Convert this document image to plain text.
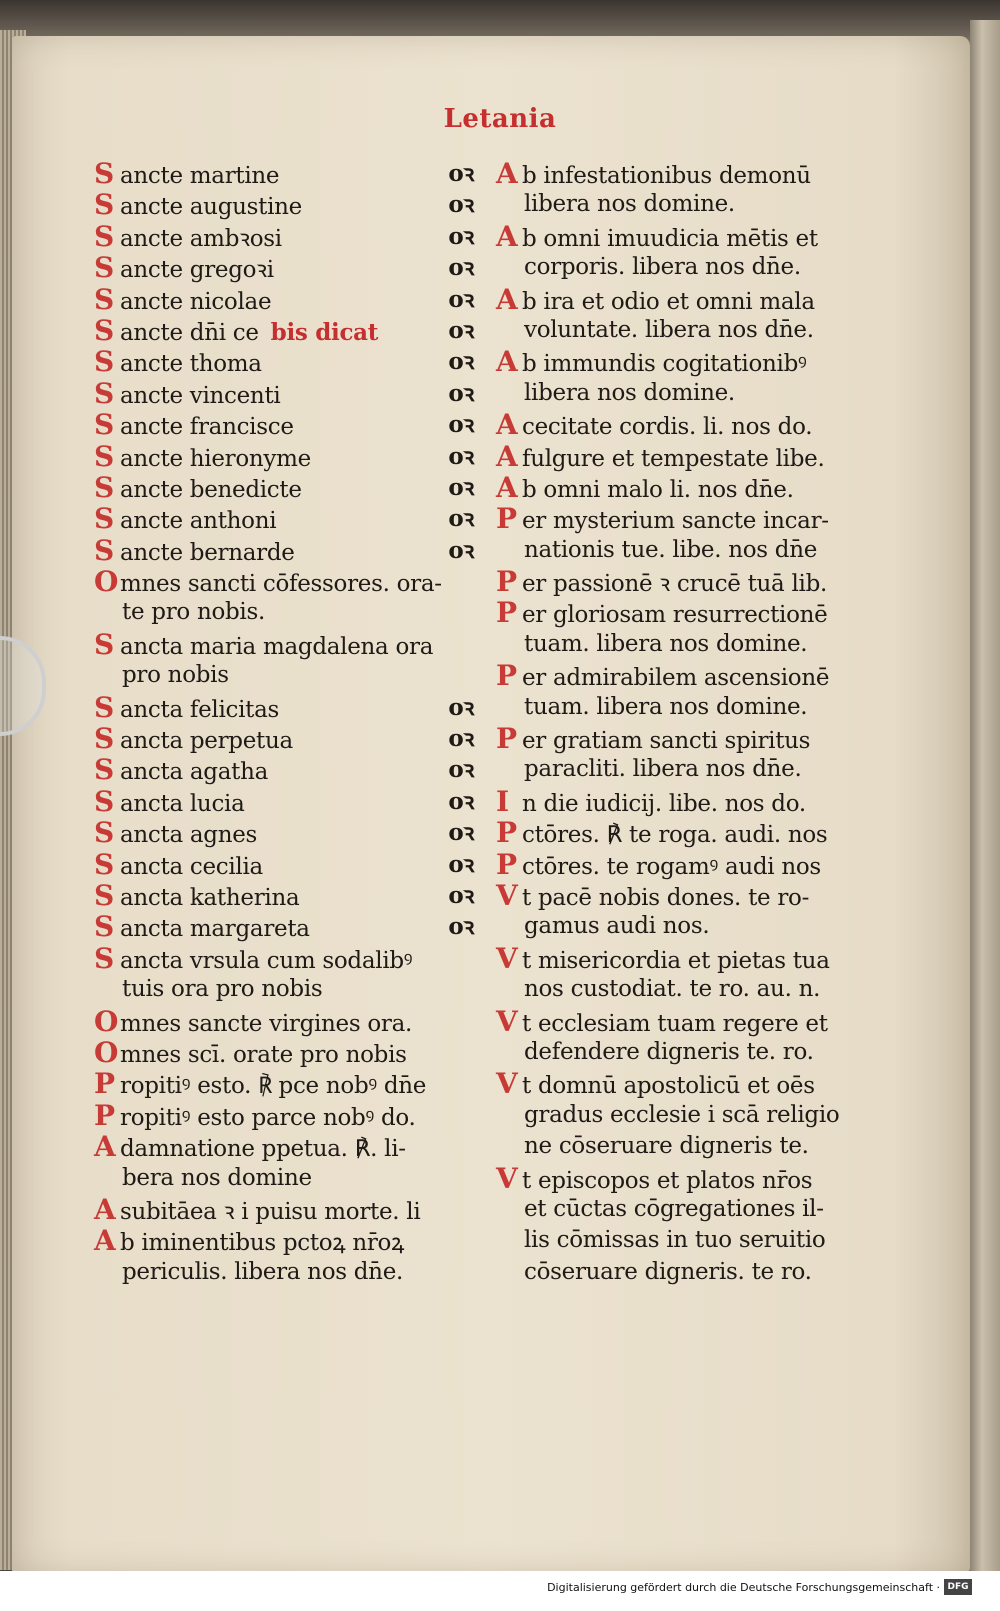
Letania
S ancte martine	oꝛ
S ancte augustine	oꝛ
S ancte ambꝛosi	oꝛ
S ancte gregoꝛi	oꝛ
S ancte nicolae	oꝛ
S ancte dn̄i ce bis dicat	oꝛ
S ancte thoma	oꝛ
S ancte vincenti	oꝛ
S ancte francisce	oꝛ
S ancte hieronyme	oꝛ
S ancte benedicte	oꝛ
S ancte anthoni	oꝛ
S ancte bernarde	oꝛ
Omnes sancti cōfessores. ora-
te pro nobis.
S ancta maria magdalena ora
pro nobis
S ancta felicitas	oꝛ
S ancta perpetua	oꝛ
S ancta agatha	oꝛ
S ancta lucia	oꝛ
S ancta agnes	oꝛ
S ancta cecilia	oꝛ
S ancta katherina	oꝛ
S ancta margareta	oꝛ
S ancta vrsula cum sodalibꝰ
tuis ora pro nobis
Omnes sancte virgines ora.
Omnes scī. orate pro nobis
P ropitiꝰ esto. ℟ pce nobꝰ dn̄e
P ropitiꝰ esto parce nobꝰ do.
A damnatione ppetua. ℟. li-
bera nos domine
A subitāea ꝛ i puisu morte. li
A b iminentibus pctoꝝ nr̄oꝝ
periculis. libera nos dn̄e.
A b infestationibus demonū
libera nos domine.
A b omni imuudicia mētis et
corporis. libera nos dn̄e.
A b ira et odio et omni mala
voluntate. libera nos dn̄e.
A b immundis cogitationibꝰ
libera nos domine.
A cecitate cordis. li. nos do.
A fulgure et tempestate libe.
A b omni malo li. nos dn̄e.
P er mysterium sancte incar-
nationis tue. libe. nos dn̄e
P er passionē ꝛ crucē tuā lib.
P er gloriosam resurrectionē
tuam. libera nos domine.
P er admirabilem ascensionē
tuam. libera nos domine.
P er gratiam sancti spiritus
paracliti. libera nos dn̄e.
I n die iudicij. libe. nos do.
P ctōres. ℟ te roga. audi. nos
P ctōres. te rogamꝰ audi nos
V t pacē nobis dones. te ro-
gamus audi nos.
V t misericordia et pietas tua
nos custodiat. te ro. au. n.
V t ecclesiam tuam regere et
defendere digneris te. ro.
V t domnū apostolicū et oēs
gradus ecclesie i scā religio
ne cōseruare digneris te.
V t episcopos et platos nr̄os
et cūctas cōgregationes il-
lis cōmissas in tuo seruitio
cōseruare digneris. te ro.
Digitalisierung gefördert durch die Deutsche Forschungsgemeinschaft · DFG
